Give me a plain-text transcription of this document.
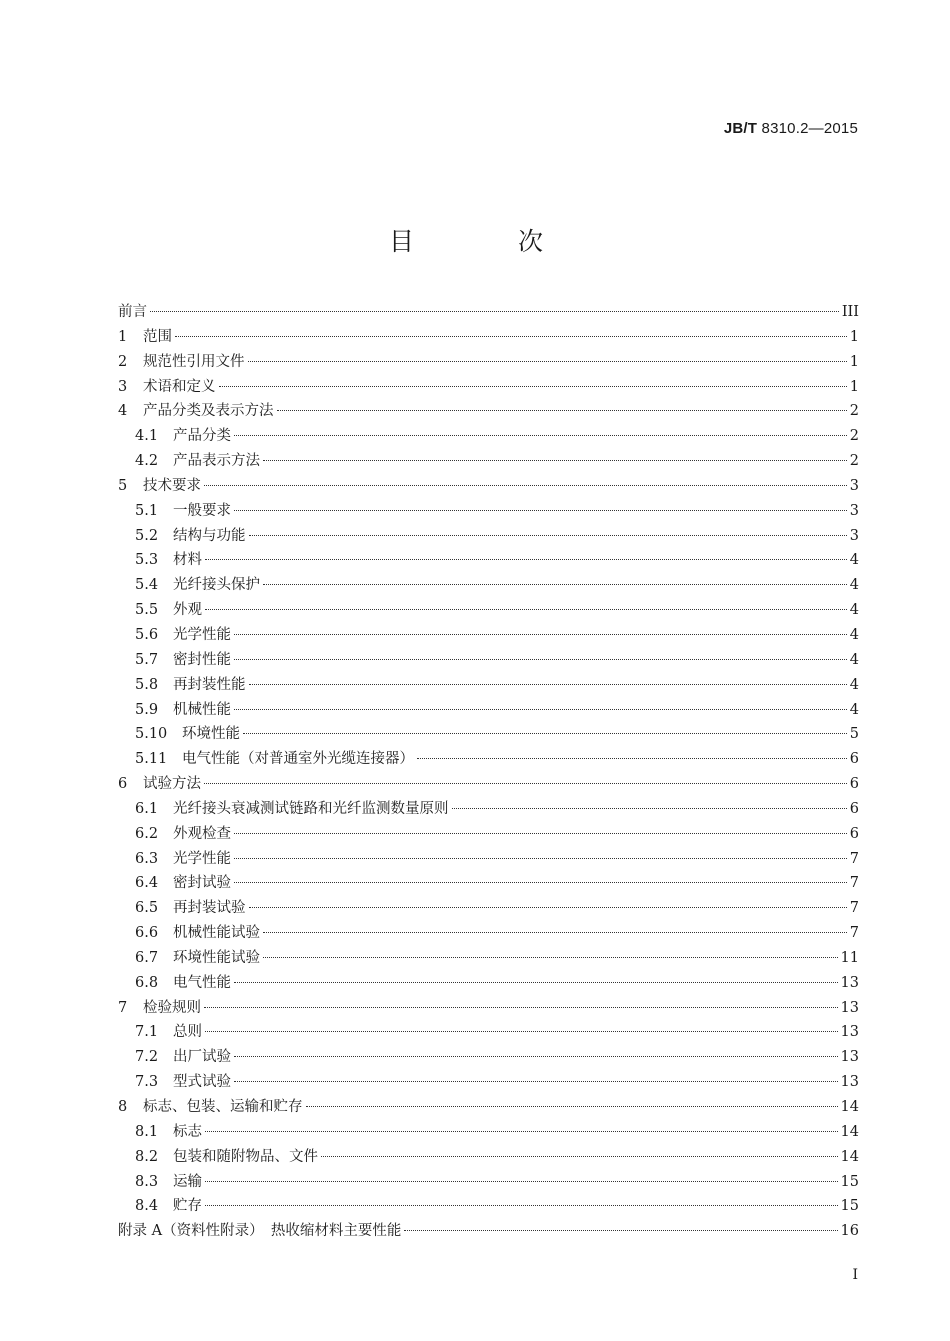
JB/T 8310.2—2015
目 次
前言	III
1	范围	1
2	规范性引用文件	1
3	术语和定义	1
4	产品分类及表示方法	2
4.1	产品分类	2
4.2	产品表示方法	2
5	技术要求	3
5.1	一般要求	3
5.2	结构与功能	3
5.3	材料	4
5.4	光纤接头保护	4
5.5	外观	4
5.6	光学性能	4
5.7	密封性能	4
5.8	再封装性能	4
5.9	机械性能	4
5.10	环境性能	5
5.11	电气性能（对普通室外光缆连接器）	6
6	试验方法	6
6.1	光纤接头衰减测试链路和光纤监测数量原则	6
6.2	外观检查	6
6.3	光学性能	7
6.4	密封试验	7
6.5	再封装试验	7
6.6	机械性能试验	7
6.7	环境性能试验	11
6.8	电气性能	13
7	检验规则	13
7.1	总则	13
7.2	出厂试验	13
7.3	型式试验	13
8	标志、包装、运输和贮存	14
8.1	标志	14
8.2	包装和随附物品、文件	14
8.3	运输	15
8.4	贮存	15
附录 A（资料性附录）　热收缩材料主要性能	16
I
